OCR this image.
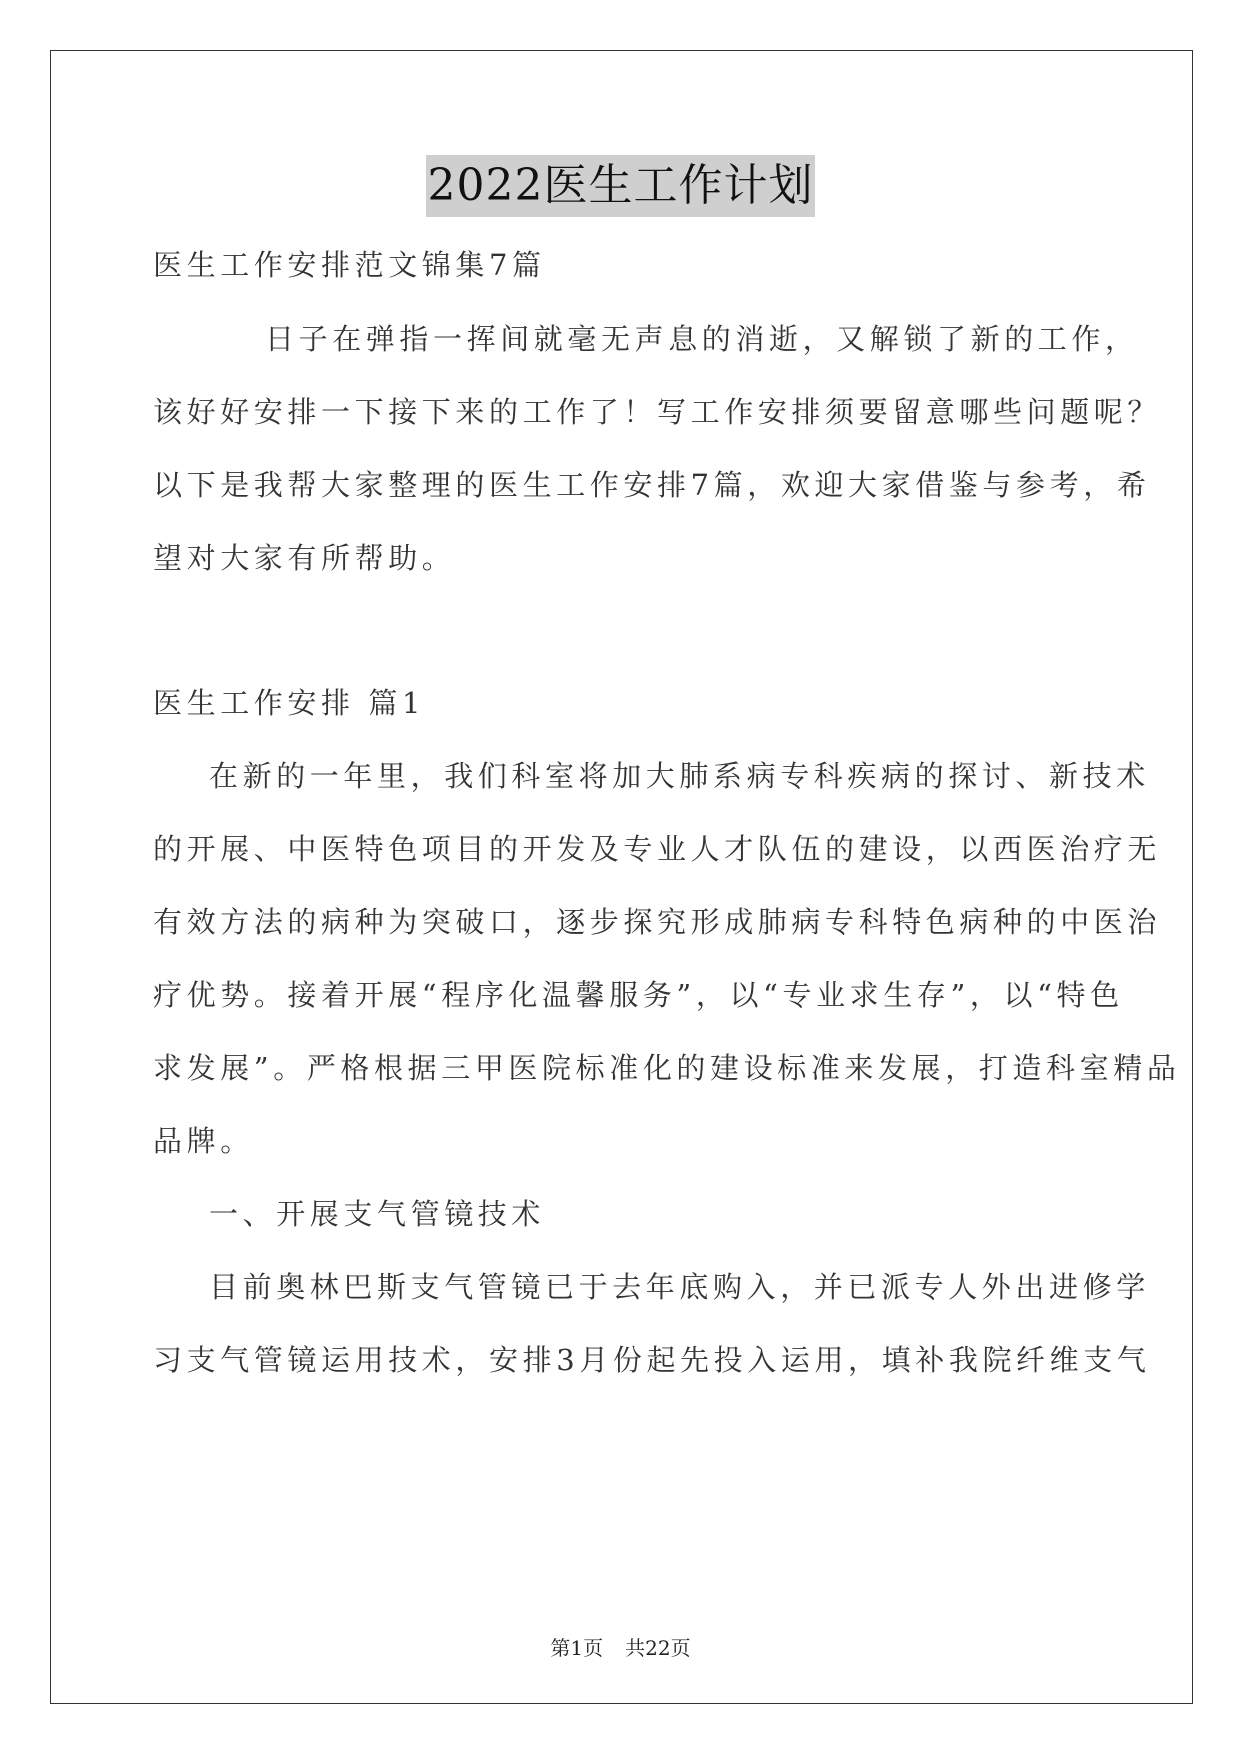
2022医生工作计划
医生工作安排范文锦集7篇
日子在弹指一挥间就毫无声息的消逝，又解锁了新的工作，
该好好安排一下接下来的工作了！写工作安排须要留意哪些问题呢？
以下是我帮大家整理的医生工作安排7篇，欢迎大家借鉴与参考，希
望对大家有所帮助。
医生工作安排 篇1
在新的一年里，我们科室将加大肺系病专科疾病的探讨、新技术
的开展、中医特色项目的开发及专业人才队伍的建设，以西医治疗无
有效方法的病种为突破口，逐步探究形成肺病专科特色病种的中医治
疗优势。接着开展“程序化温馨服务”，以“专业求生存”，以“特色
求发展”。严格根据三甲医院标准化的建设标准来发展，打造科室精品
品牌。
一、开展支气管镜技术
目前奥林巴斯支气管镜已于去年底购入，并已派专人外出进修学
习支气管镜运用技术，安排3月份起先投入运用，填补我院纤维支气
第1页 共22页
